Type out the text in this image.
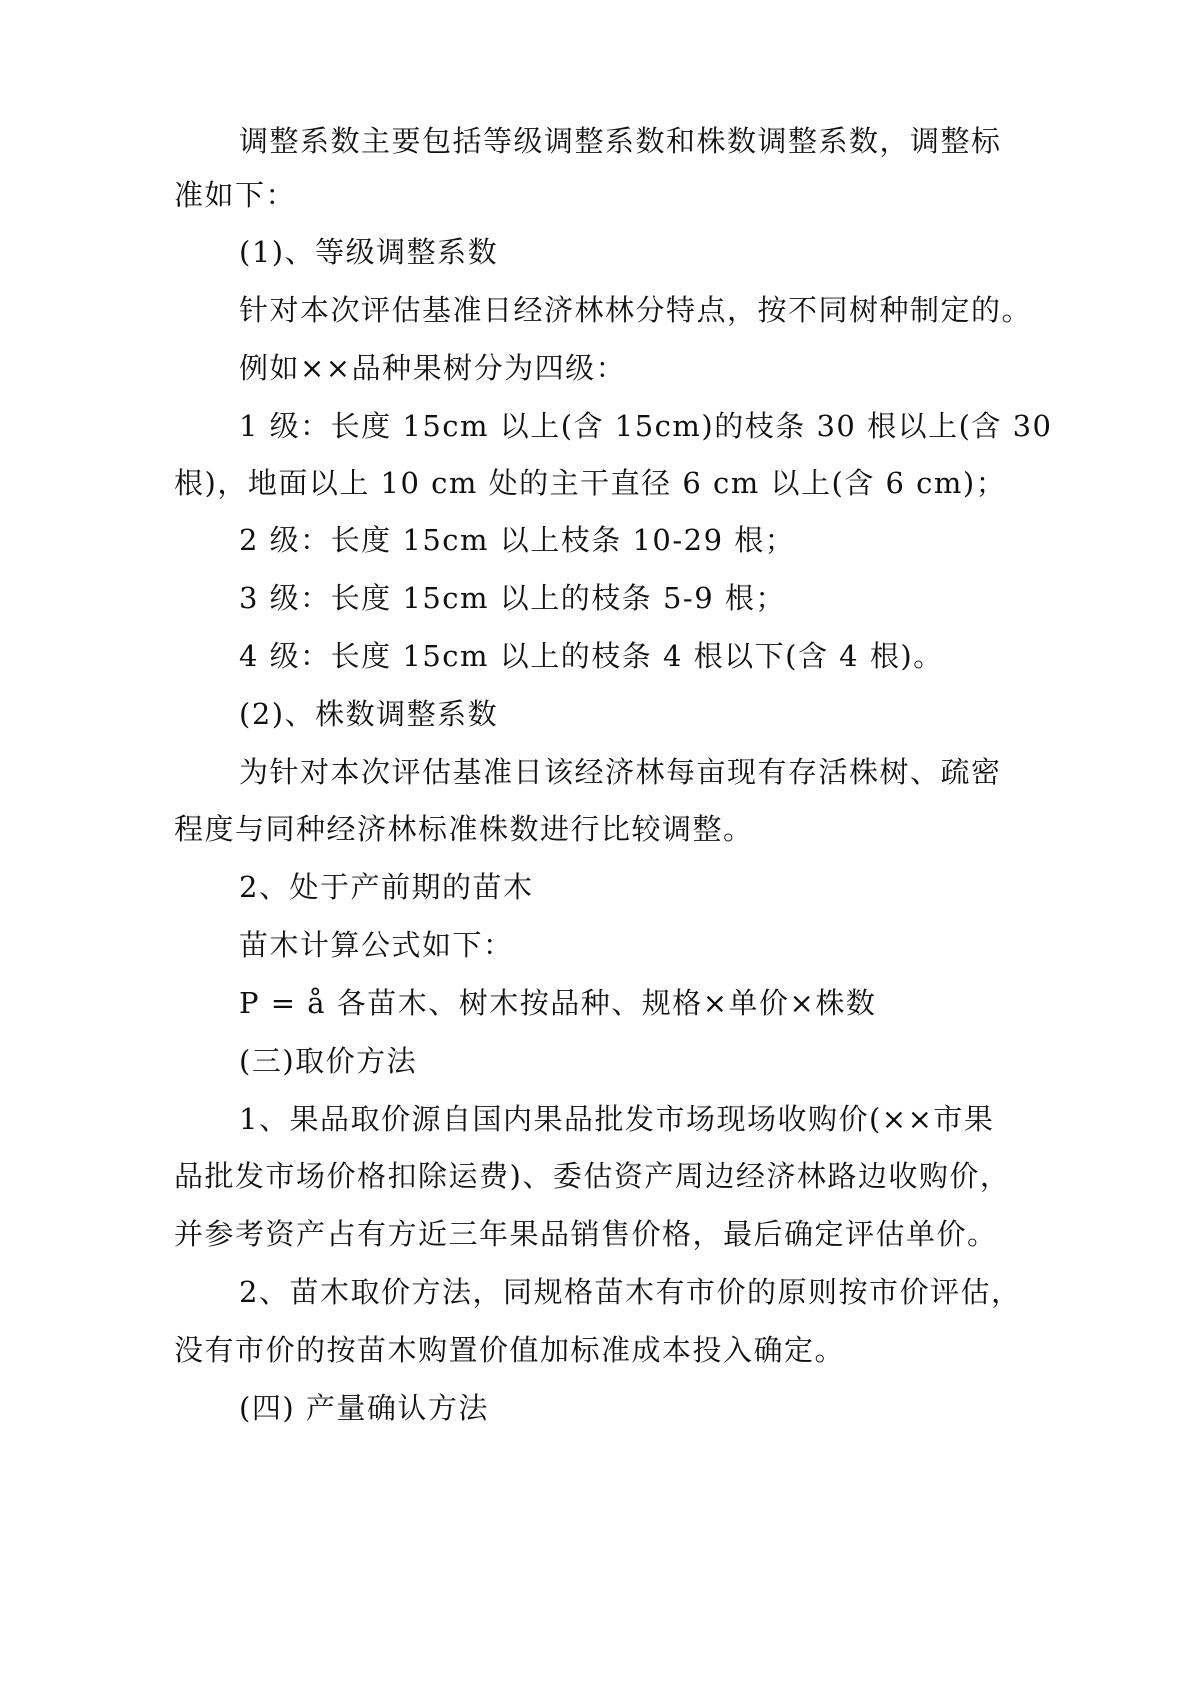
调整系数主要包括等级调整系数和株数调整系数，调整标

准如下：

(1)、等级调整系数

针对本次评估基准日经济林林分特点，按不同树种制定的。

例如××品种果树分为四级：

1 级：长度 15cm 以上(含 15cm)的枝条 30 根以上(含 30

根)，地面以上 10 cm 处的主干直径 6 cm 以上(含 6 cm)；

2 级：长度 15cm 以上枝条 10-29 根；

3 级：长度 15cm 以上的枝条 5-9 根；

4 级：长度 15cm 以上的枝条 4 根以下(含 4 根)。

(2)、株数调整系数

为针对本次评估基准日该经济林每亩现有存活株树、疏密

程度与同种经济林标准株数进行比较调整。

2、处于产前期的苗木

苗木计算公式如下：

P = å 各苗木、树木按品种、规格×单价×株数

(三)取价方法

1、果品取价源自国内果品批发市场现场收购价(××市果

品批发市场价格扣除运费)、委估资产周边经济林路边收购价，

并参考资产占有方近三年果品销售价格，最后确定评估单价。

2、苗木取价方法，同规格苗木有市价的原则按市价评估，

没有市价的按苗木购置价值加标准成本投入确定。

(四) 产量确认方法
